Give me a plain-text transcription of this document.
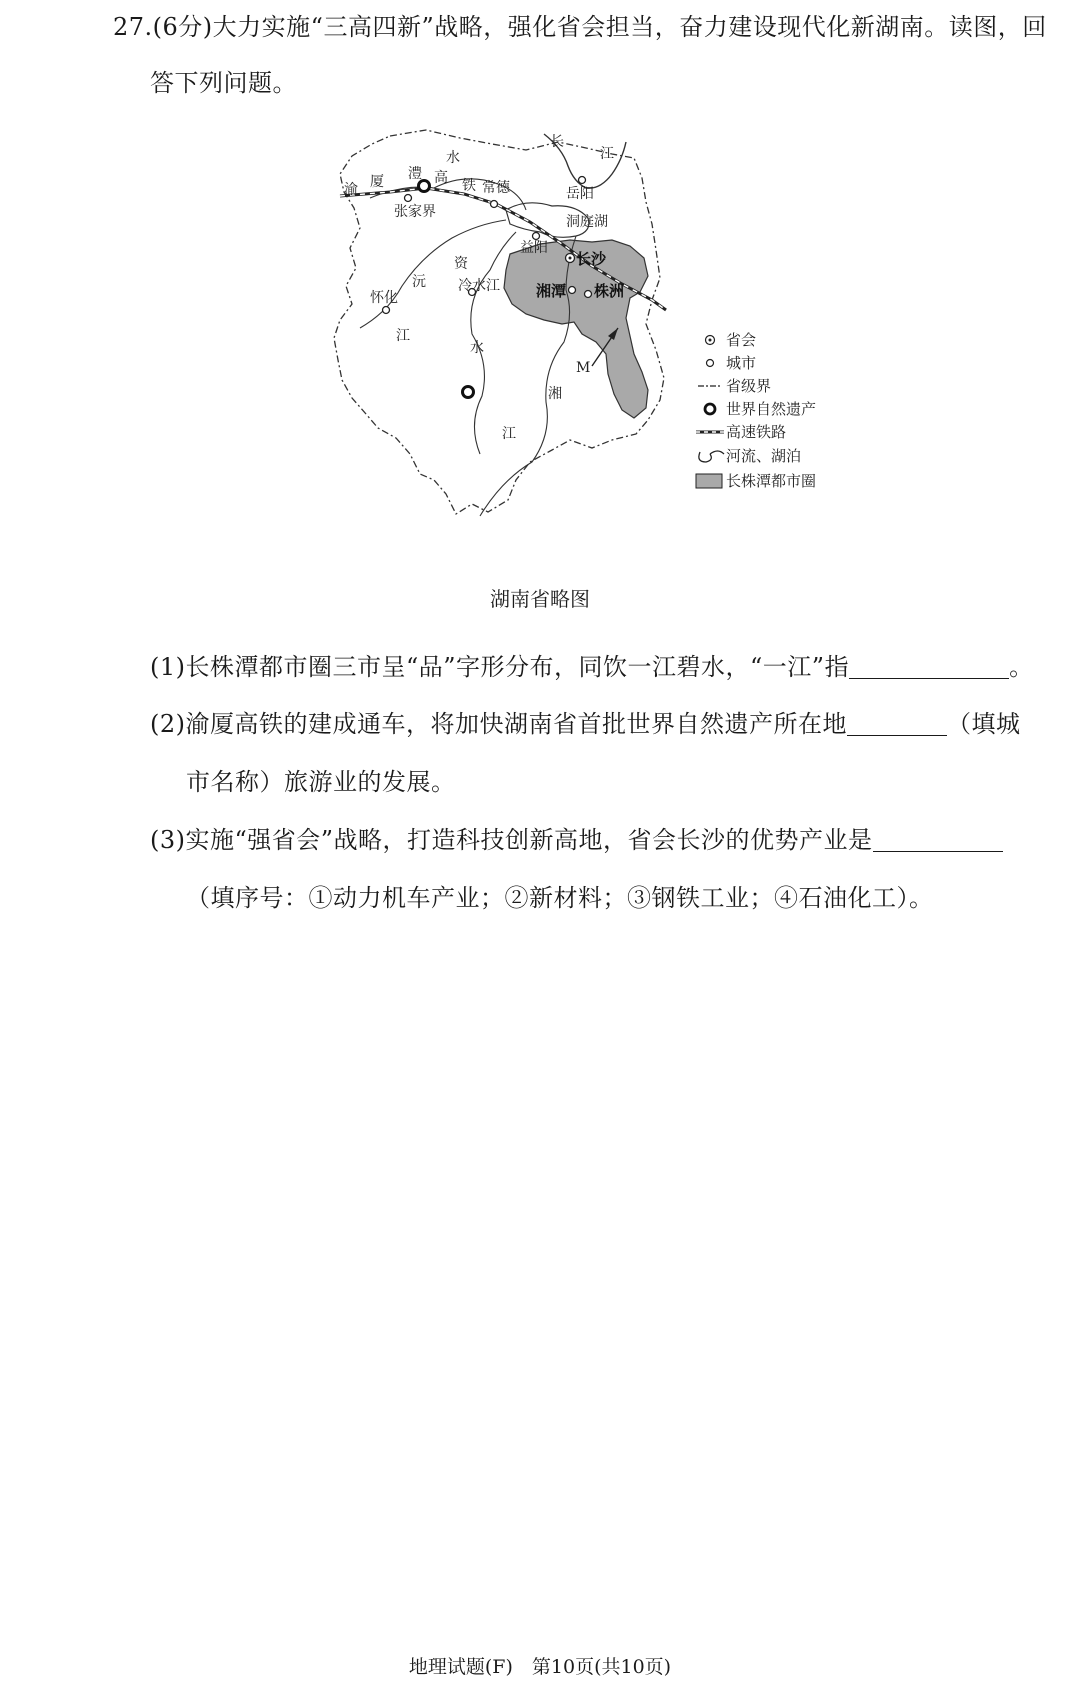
27.(6分)大力实施“三高四新”战略，强化省会担当，奋力建设现代化新湖南。读图，回
答下列问题。
长沙
湘潭 株洲
岳阳
常德
益阳
张家界
怀化
冷水江
长
江
洞庭湖
澧
水
渝 厦	高 铁
沅
江
资
水
湘
江
M
省会
城市
省级界
世界自然遗产
高速铁路
河流、湖泊
长株潭都市圈
湖南省略图
(1)长株潭都市圈三市呈“品”字形分布，同饮一江碧水，“一江”指	。
(2)渝厦高铁的建成通车，将加快湖南省首批世界自然遗产所在地	（填城
市名称）旅游业的发展。
(3)实施“强省会”战略，打造科技创新高地，省会长沙的优势产业是
（填序号：①动力机车产业；②新材料；③钢铁工业；④石油化工）。
地理试题(F)　第10页(共10页)
